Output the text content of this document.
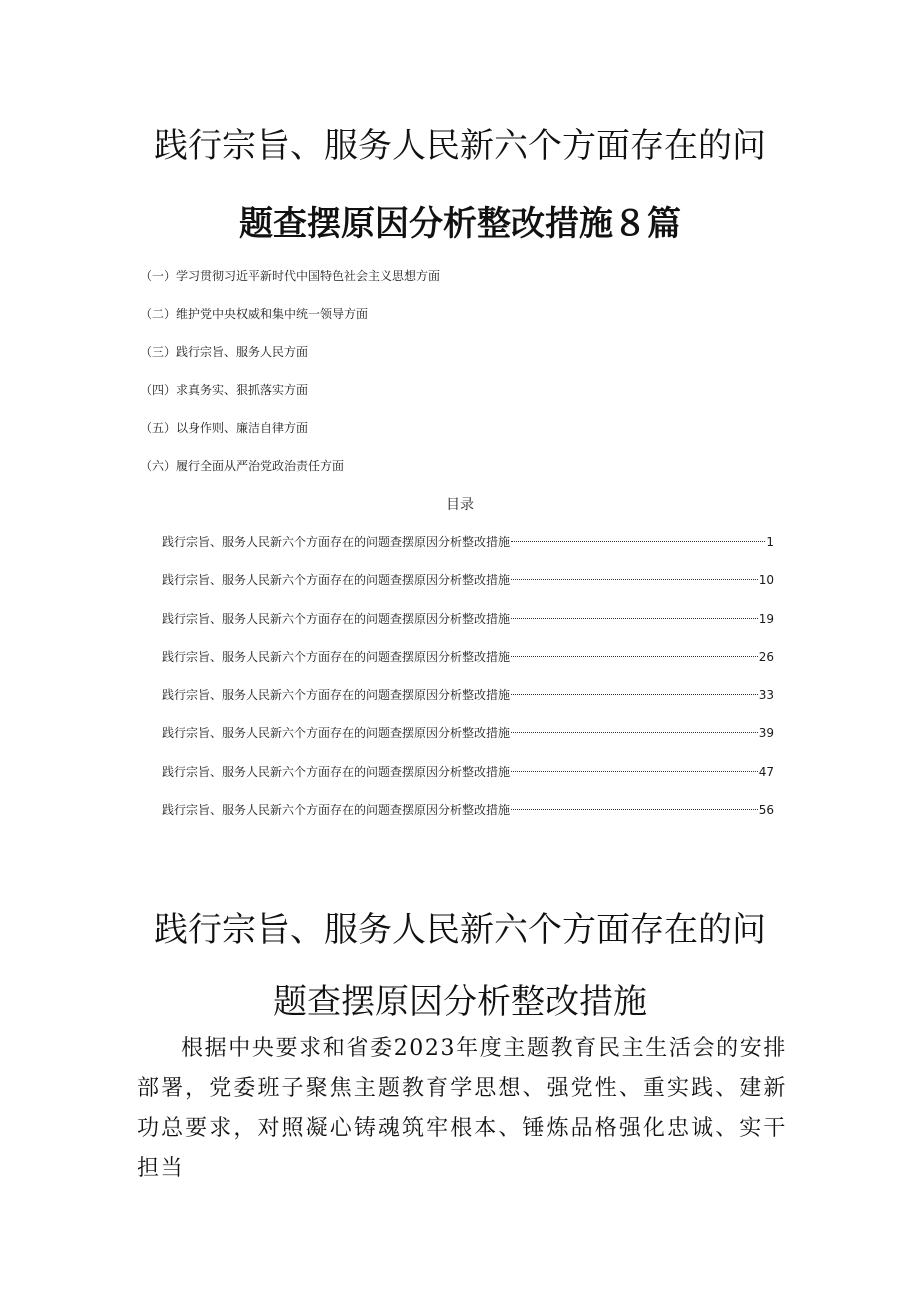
践行宗旨、服务人民新六个方面存在的问
题查摆原因分析整改措施８篇
（一）学习贯彻习近平新时代中国特色社会主义思想方面
（二）维护党中央权威和集中统一领导方面
（三）践行宗旨、服务人民方面
（四）求真务实、狠抓落实方面
（五）以身作则、廉洁自律方面
（六）履行全面从严治党政治责任方面
目录
践行宗旨、服务人民新六个方面存在的问题查摆原因分析整改措施	1
践行宗旨、服务人民新六个方面存在的问题查摆原因分析整改措施	10
践行宗旨、服务人民新六个方面存在的问题查摆原因分析整改措施	19
践行宗旨、服务人民新六个方面存在的问题查摆原因分析整改措施	26
践行宗旨、服务人民新六个方面存在的问题查摆原因分析整改措施	33
践行宗旨、服务人民新六个方面存在的问题查摆原因分析整改措施	39
践行宗旨、服务人民新六个方面存在的问题查摆原因分析整改措施	47
践行宗旨、服务人民新六个方面存在的问题查摆原因分析整改措施	56
践行宗旨、服务人民新六个方面存在的问
题查摆原因分析整改措施

根据中央要求和省委2023年度主题教育民主生活会的安排部署，党委班子聚焦主题教育学思想、强党性、重实践、建新功总要求，对照凝心铸魂筑牢根本、锤炼品格强化忠诚、实干担当
